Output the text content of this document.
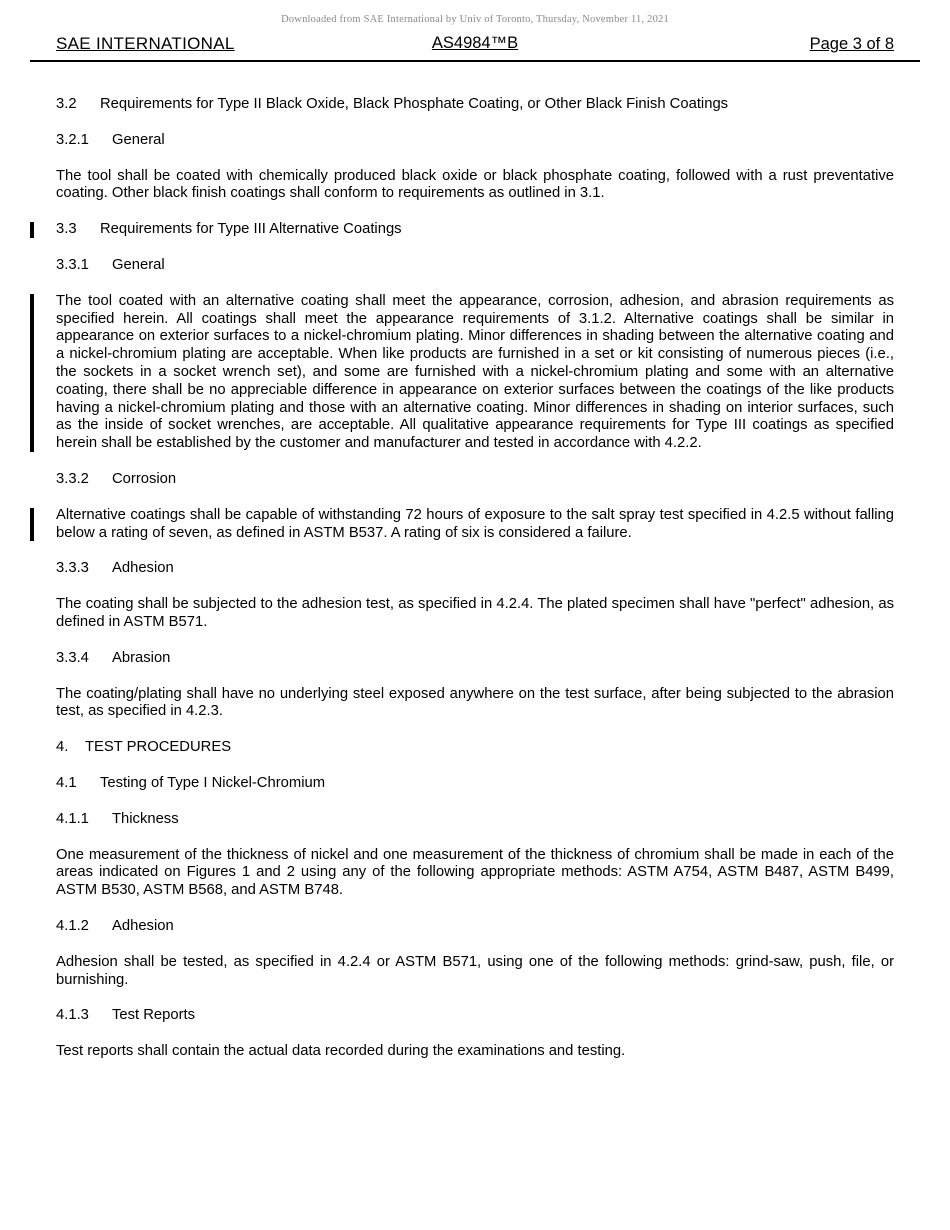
Downloaded from SAE International by Univ of Toronto, Thursday, November 11, 2021
SAE INTERNATIONAL	AS4984™B	Page 3 of 8
3.2 Requirements for Type II Black Oxide, Black Phosphate Coating, or Other Black Finish Coatings
3.2.1 General
The tool shall be coated with chemically produced black oxide or black phosphate coating, followed with a rust preventative coating. Other black finish coatings shall conform to requirements as outlined in 3.1.
3.3 Requirements for Type III Alternative Coatings
3.3.1 General
The tool coated with an alternative coating shall meet the appearance, corrosion, adhesion, and abrasion requirements as specified herein. All coatings shall meet the appearance requirements of 3.1.2. Alternative coatings shall be similar in appearance on exterior surfaces to a nickel-chromium plating. Minor differences in shading between the alternative coating and a nickel-chromium plating are acceptable. When like products are furnished in a set or kit consisting of numerous pieces (i.e., the sockets in a socket wrench set), and some are furnished with a nickel-chromium plating and some with an alternative coating, there shall be no appreciable difference in appearance on exterior surfaces between the coatings of the like products having a nickel-chromium plating and those with an alternative coating. Minor differences in shading on interior surfaces, such as the inside of socket wrenches, are acceptable. All qualitative appearance requirements for Type III coatings as specified herein shall be established by the customer and manufacturer and tested in accordance with 4.2.2.
3.3.2 Corrosion
Alternative coatings shall be capable of withstanding 72 hours of exposure to the salt spray test specified in 4.2.5 without falling below a rating of seven, as defined in ASTM B537. A rating of six is considered a failure.
3.3.3 Adhesion
The coating shall be subjected to the adhesion test, as specified in 4.2.4. The plated specimen shall have "perfect" adhesion, as defined in ASTM B571.
3.3.4 Abrasion
The coating/plating shall have no underlying steel exposed anywhere on the test surface, after being subjected to the abrasion test, as specified in 4.2.3.
4. TEST PROCEDURES
4.1 Testing of Type I Nickel-Chromium
4.1.1 Thickness
One measurement of the thickness of nickel and one measurement of the thickness of chromium shall be made in each of the areas indicated on Figures 1 and 2 using any of the following appropriate methods: ASTM A754, ASTM B487, ASTM B499, ASTM B530, ASTM B568, and ASTM B748.
4.1.2 Adhesion
Adhesion shall be tested, as specified in 4.2.4 or ASTM B571, using one of the following methods: grind-saw, push, file, or burnishing.
4.1.3 Test Reports
Test reports shall contain the actual data recorded during the examinations and testing.
